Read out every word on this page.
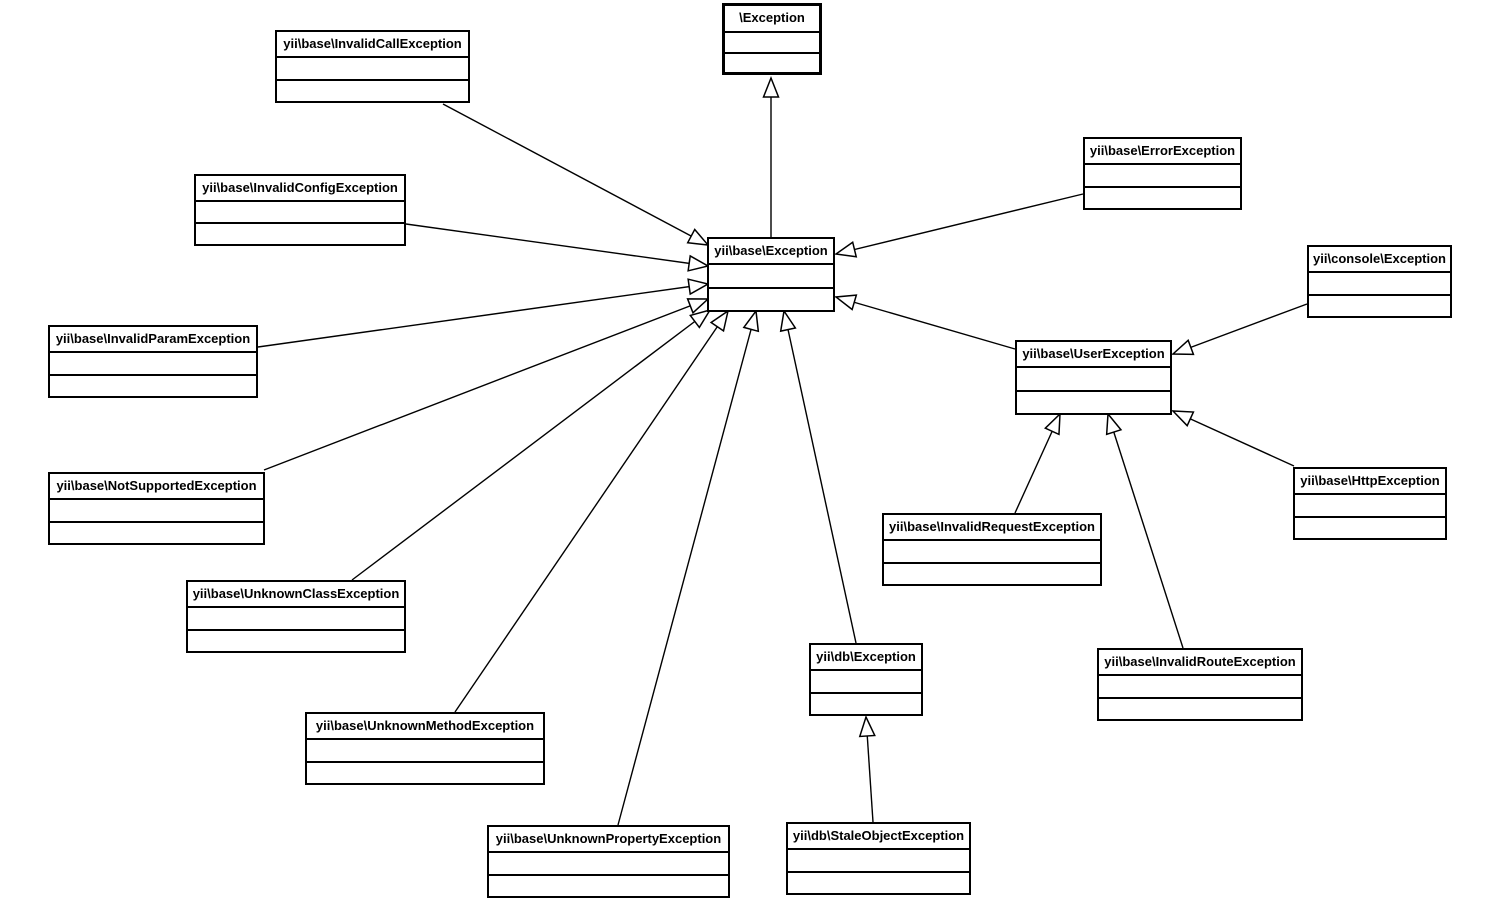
\Exception
yii\base\Exception
yii\base\InvalidCallException
yii\base\InvalidConfigException
yii\base\InvalidParamException
yii\base\NotSupportedException
yii\base\UnknownClassException
yii\base\UnknownMethodException
yii\base\UnknownPropertyException
yii\db\Exception
yii\db\StaleObjectException
yii\base\ErrorException
yii\console\Exception
yii\base\UserException
yii\base\HttpException
yii\base\InvalidRequestException
yii\base\InvalidRouteException
